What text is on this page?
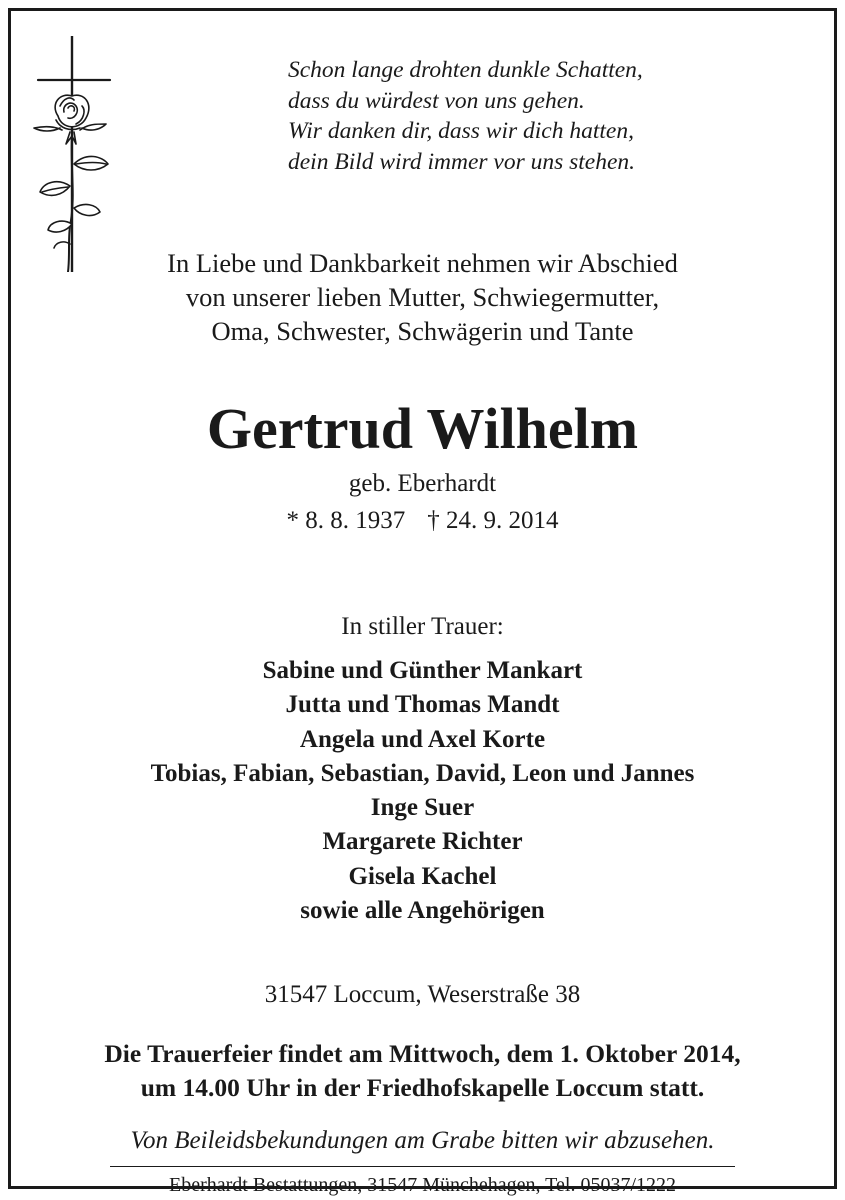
Schon lange drohten dunkle Schatten,
dass du würdest von uns gehen.
Wir danken dir, dass wir dich hatten,
dein Bild wird immer vor uns stehen.
In Liebe und Dankbarkeit nehmen wir Abschied
von unserer lieben Mutter, Schwiegermutter,
Oma, Schwester, Schwägerin und Tante
Gertrud Wilhelm
geb. Eberhardt
* 8. 8. 1937 † 24. 9. 2014
In stiller Trauer:
Sabine und Günther Mankart
Jutta und Thomas Mandt
Angela und Axel Korte
Tobias, Fabian, Sebastian, David, Leon und Jannes
Inge Suer
Margarete Richter
Gisela Kachel
sowie alle Angehörigen
31547 Loccum, Weserstraße 38
Die Trauerfeier findet am Mittwoch, dem 1. Oktober 2014,
um 14.00 Uhr in der Friedhofskapelle Loccum statt.
Von Beileidsbekundungen am Grabe bitten wir abzusehen.
Eberhardt Bestattungen, 31547 Münchehagen, Tel. 05037/1222
